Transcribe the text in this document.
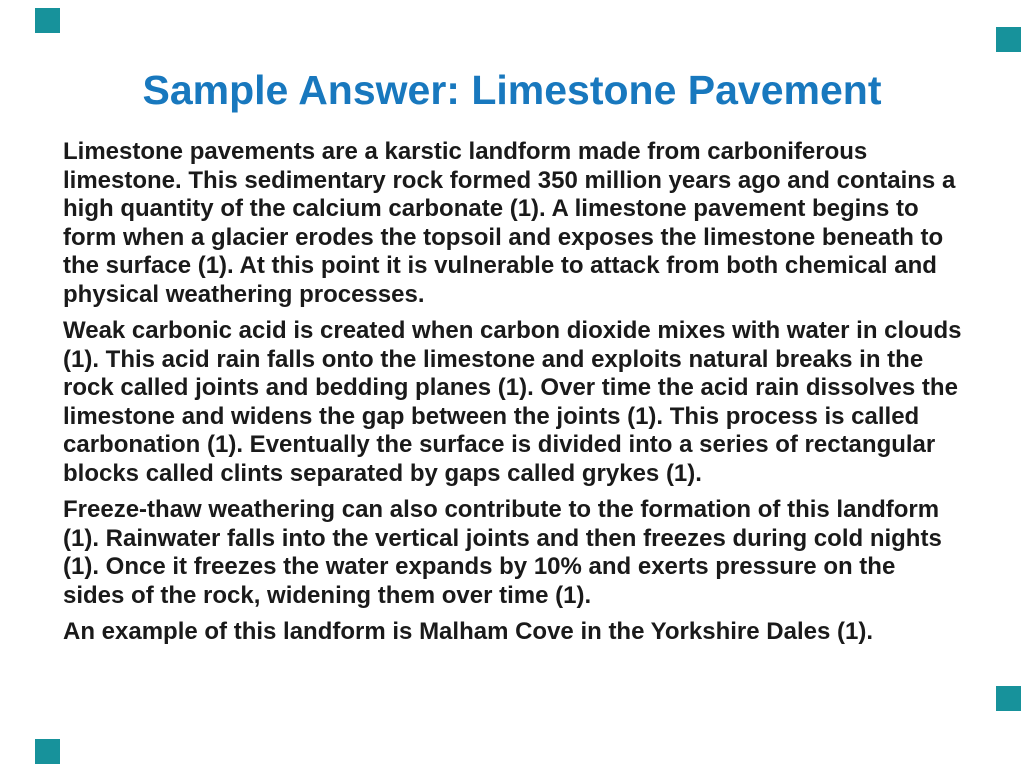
Sample Answer: Limestone Pavement

Limestone pavements are a karstic landform made from carboniferous limestone. This sedimentary rock formed 350 million years ago and contains a high quantity of the calcium carbonate (1). A limestone pavement begins to form when a glacier erodes the topsoil and exposes the limestone beneath to the surface (1). At this point it is vulnerable to attack from both chemical and physical weathering processes.

Weak carbonic acid is created when carbon dioxide mixes with water in clouds (1). This acid rain falls onto the limestone and exploits natural breaks in the rock called joints and bedding planes (1). Over time the acid rain dissolves the limestone and widens the gap between the joints (1). This process is called carbonation (1). Eventually the surface is divided into a series of rectangular blocks called clints separated by gaps called grykes (1).

Freeze-thaw weathering can also contribute to the formation of this landform (1). Rainwater falls into the vertical joints and then freezes during cold nights (1). Once it freezes the water expands by 10% and exerts pressure on the sides of the rock, widening them over time (1).

An example of this landform is Malham Cove in the Yorkshire Dales (1).
